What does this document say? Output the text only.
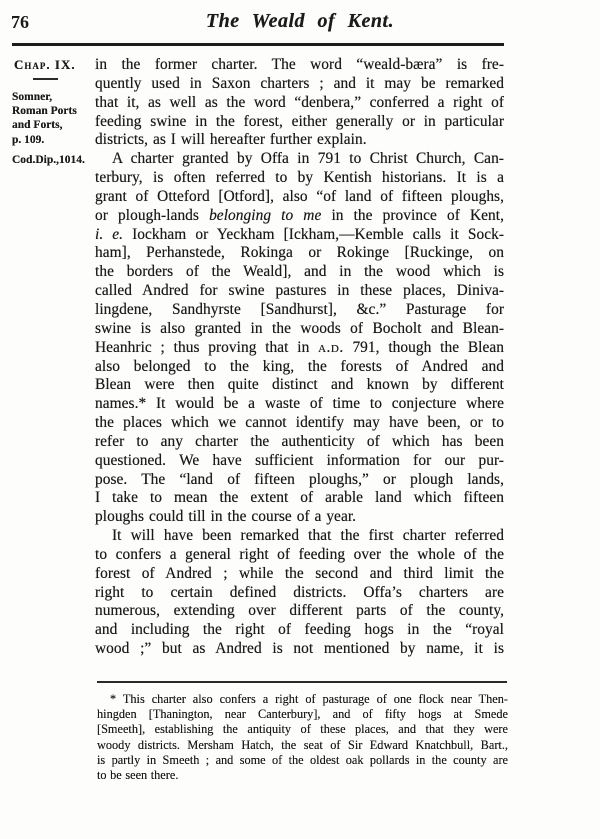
76	The Weald of Kent.
Chap. IX.
Somner,
Roman Ports
and Forts,
p. 109.
Cod.Dip.,1014.
in the former charter. The word “weald-bæra” is fre-
quently used in Saxon charters ; and it may be remarked
that it, as well as the word “denbera,” conferred a right of
feeding swine in the forest, either generally or in particular
districts, as I will hereafter further explain.
A charter granted by Offa in 791 to Christ Church, Can-
terbury, is often referred to by Kentish historians. It is a
grant of Otteford [Otford], also “of land of fifteen ploughs,
or plough-lands belonging to me in the province of Kent,
i. e. Iockham or Yeckham [Ickham,—Kemble calls it Sock-
ham], Perhanstede, Rokinga or Rokinge [Ruckinge, on
the borders of the Weald], and in the wood which is
called Andred for swine pastures in these places, Diniva-
lingdene, Sandhyrste [Sandhurst], &c.” Pasturage for
swine is also granted in the woods of Bocholt and Blean-
Heanhric ; thus proving that in a.d. 791, though the Blean
also belonged to the king, the forests of Andred and
Blean were then quite distinct and known by different
names.* It would be a waste of time to conjecture where
the places which we cannot identify may have been, or to
refer to any charter the authenticity of which has been
questioned. We have sufficient information for our pur-
pose. The “land of fifteen ploughs,” or plough lands,
I take to mean the extent of arable land which fifteen
ploughs could till in the course of a year.
It will have been remarked that the first charter referred
to confers a general right of feeding over the whole of the
forest of Andred ; while the second and third limit the
right to certain defined districts. Offa’s charters are
numerous, extending over different parts of the county,
and including the right of feeding hogs in the “royal
wood ;” but as Andred is not mentioned by name, it is
* This charter also confers a right of pasturage of one flock near Then-
hingden [Thanington, near Canterbury], and of fifty hogs at Smede
[Smeeth], establishing the antiquity of these places, and that they were
woody districts. Mersham Hatch, the seat of Sir Edward Knatchbull, Bart.,
is partly in Smeeth ; and some of the oldest oak pollards in the county are
to be seen there.
